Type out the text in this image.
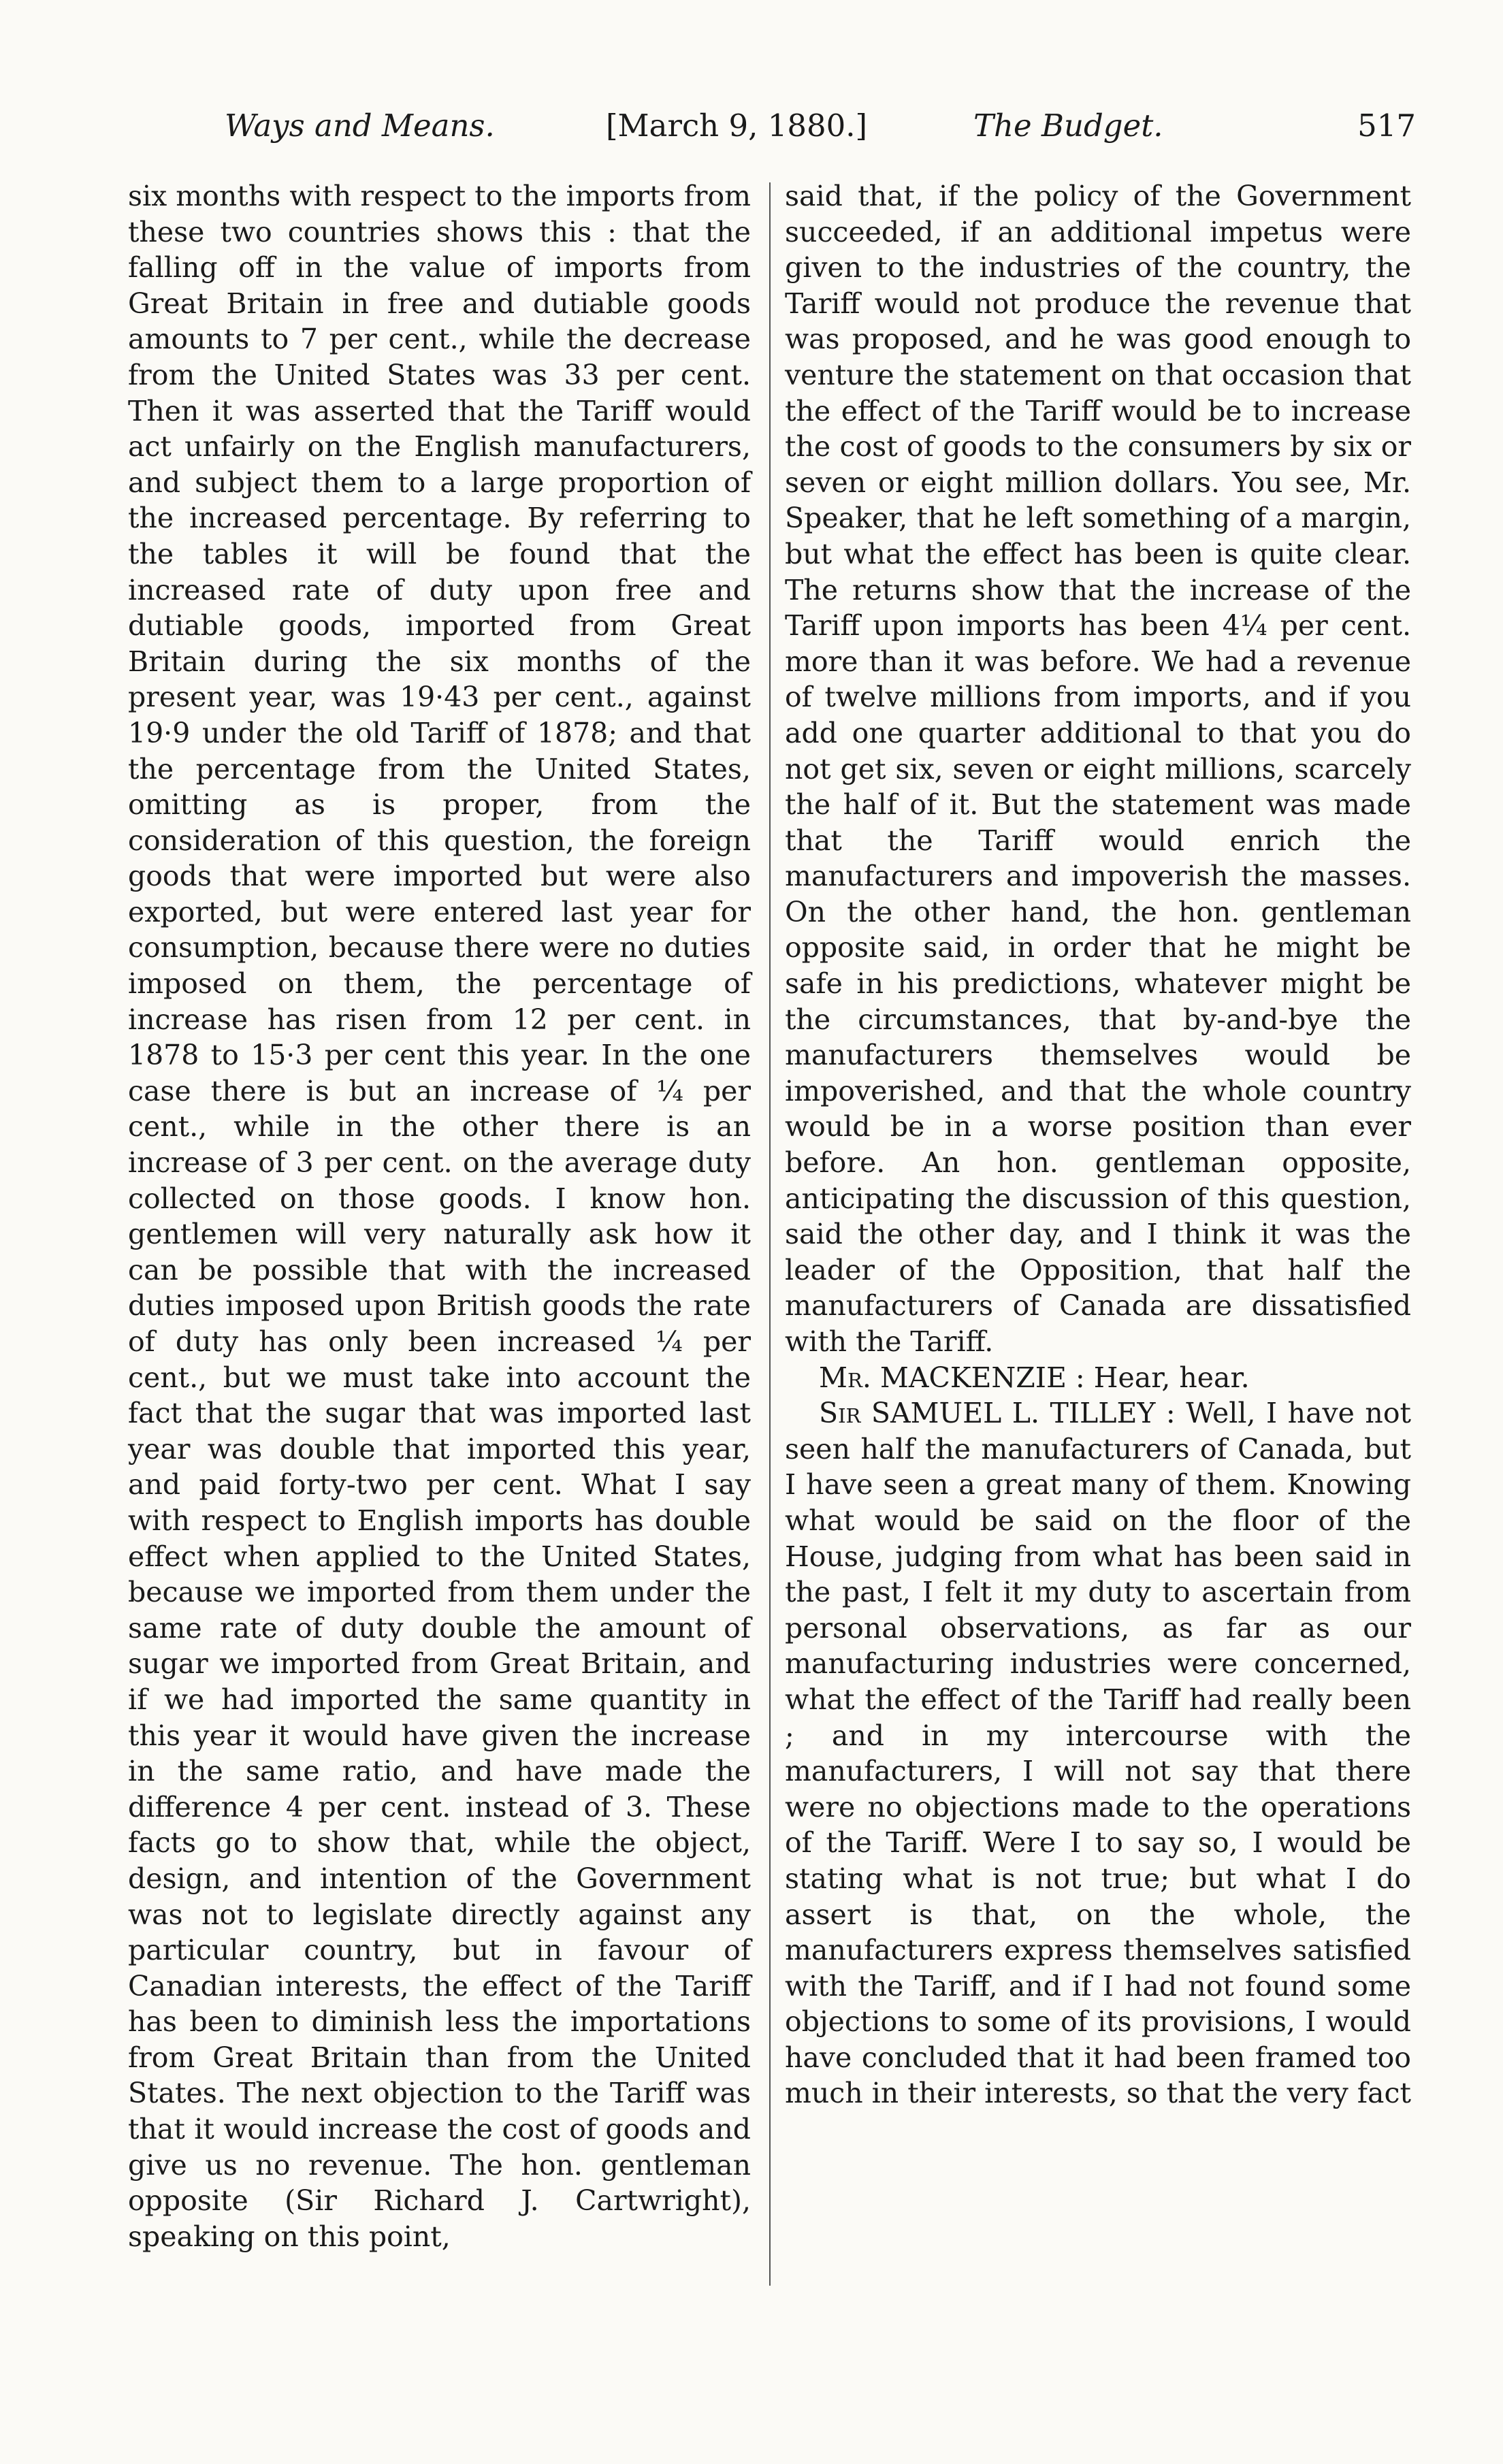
Ways and Means.	[March 9, 1880.]	The Budget.	517

six months with respect to the imports from these two countries shows this : that the falling off in the value of imports from Great Britain in free and dutiable goods amounts to 7 per cent., while the decrease from the United States was 33 per cent. Then it was asserted that the Tariff would act unfairly on the English manufacturers, and subject them to a large proportion of the increased percentage. By referring to the tables it will be found that the increased rate of duty upon free and dutiable goods, imported from Great Britain during the six months of the present year, was 19·43 per cent., against 19·9 under the old Tariff of 1878; and that the percentage from the United States, omitting as is proper, from the consideration of this question, the foreign goods that were imported but were also exported, but were entered last year for consumption, because there were no duties imposed on them, the percentage of increase has risen from 12 per cent. in 1878 to 15·3 per cent this year. In the one case there is but an increase of ¼ per cent., while in the other there is an increase of 3 per cent. on the average duty collected on those goods. I know hon. gentlemen will very naturally ask how it can be possible that with the increased duties imposed upon British goods the rate of duty has only been increased ¼ per cent., but we must take into account the fact that the sugar that was imported last year was double that imported this year, and paid forty-two per cent. What I say with respect to English imports has double effect when applied to the United States, because we imported from them under the same rate of duty double the amount of sugar we imported from Great Britain, and if we had imported the same quantity in this year it would have given the increase in the same ratio, and have made the difference 4 per cent. instead of 3. These facts go to show that, while the object, design, and intention of the Government was not to legislate directly against any particular country, but in favour of Canadian interests, the effect of the Tariff has been to diminish less the importations from Great Britain than from the United States. The next objection to the Tariff was that it would increase the cost of goods and give us no revenue. The hon. gentleman opposite (Sir Richard J. Cartwright), speaking on this point,

said that, if the policy of the Government succeeded, if an additional impetus were given to the industries of the country, the Tariff would not produce the revenue that was proposed, and he was good enough to venture the statement on that occasion that the effect of the Tariff would be to increase the cost of goods to the consumers by six or seven or eight million dollars. You see, Mr. Speaker, that he left something of a margin, but what the effect has been is quite clear. The returns show that the increase of the Tariff upon imports has been 4¼ per cent. more than it was before. We had a revenue of twelve millions from imports, and if you add one quarter additional to that you do not get six, seven or eight millions, scarcely the half of it. But the statement was made that the Tariff would enrich the manufacturers and impoverish the masses. On the other hand, the hon. gentleman opposite said, in order that he might be safe in his predictions, whatever might be the circumstances, that by-and-bye the manufacturers themselves would be impoverished, and that the whole country would be in a worse position than ever before. An hon. gentleman opposite, anticipating the discussion of this question, said the other day, and I think it was the leader of the Opposition, that half the manufacturers of Canada are dissatisfied with the Tariff.

Mr. MACKENZIE : Hear, hear.

Sir SAMUEL L. TILLEY : Well, I have not seen half the manufacturers of Canada, but I have seen a great many of them. Knowing what would be said on the floor of the House, judging from what has been said in the past, I felt it my duty to ascertain from personal observations, as far as our manufacturing industries were concerned, what the effect of the Tariff had really been ; and in my intercourse with the manufacturers, I will not say that there were no objections made to the operations of the Tariff. Were I to say so, I would be stating what is not true; but what I do assert is that, on the whole, the manufacturers express themselves satisfied with the Tariff, and if I had not found some objections to some of its provisions, I would have concluded that it had been framed too much in their interests, so that the very fact
